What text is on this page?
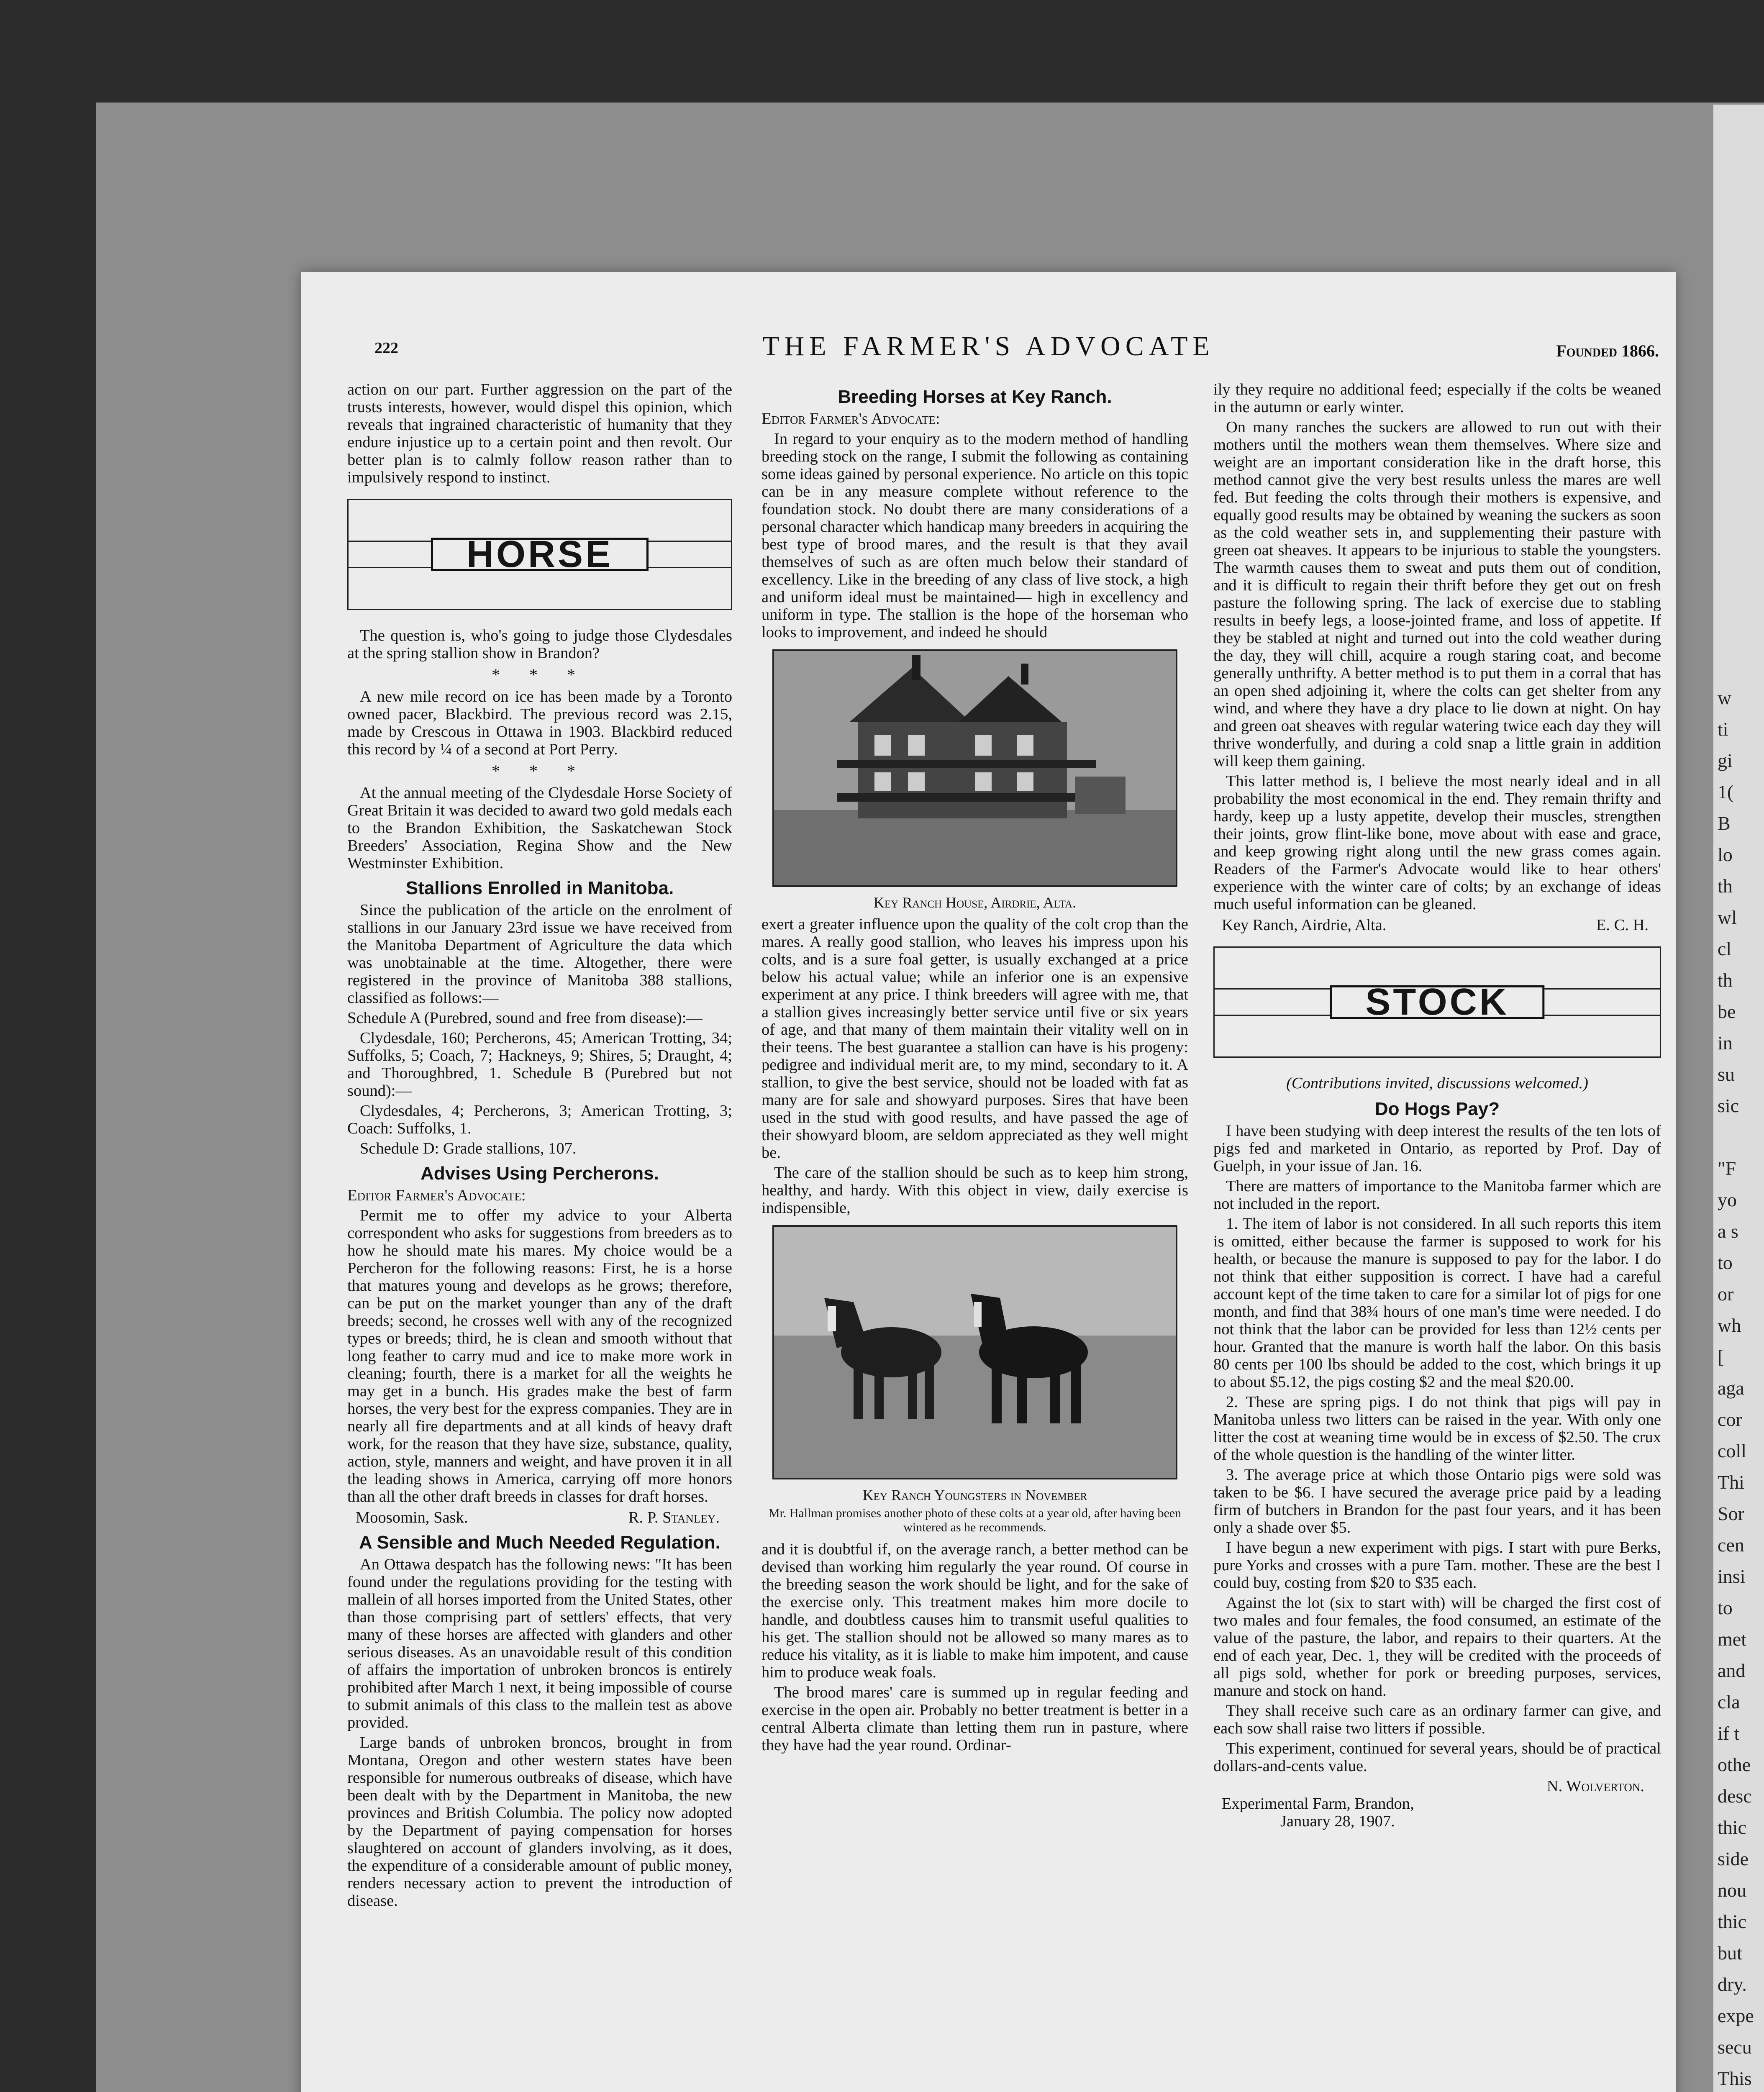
w
ti
gi
1(
B
lo
th
wl
cl
th
be
in
su
sic
"F
yo
a s
to
or
wh
[
aga
cor
coll
Thi
Sor
cen
insi
to
met
and
cla
if t
othe
desc
thic
side
nou
thic
but
dry.
expe
secu
This
222	THE FARMER'S ADVOCATE	Founded 1866.

action on our part. Further aggression on the part of the trusts interests, however, would dispel this opinion, which reveals that ingrained characteristic of humanity that they endure injustice up to a certain point and then revolt. Our better plan is to calmly follow reason rather than to impulsively respond to instinct.

HORSE

The question is, who's going to judge those Clydesdales at the spring stallion show in Brandon?

* * *

A new mile record on ice has been made by a Toronto owned pacer, Blackbird. The previous record was 2.15, made by Crescous in Ottawa in 1903. Blackbird reduced this record by ¼ of a second at Port Perry.

* * *

At the annual meeting of the Clydesdale Horse Society of Great Britain it was decided to award two gold medals each to the Brandon Exhibition, the Saskatchewan Stock Breeders' Association, Regina Show and the New Westminster Exhibition.

Stallions Enrolled in Manitoba.

Since the publication of the article on the enrolment of stallions in our January 23rd issue we have received from the Manitoba Department of Agriculture the data which was unobtainable at the time. Altogether, there were registered in the province of Manitoba 388 stallions, classified as follows:—

Schedule A (Purebred, sound and free from disease):—

Clydesdale, 160; Percherons, 45; American Trotting, 34; Suffolks, 5; Coach, 7; Hackneys, 9; Shires, 5; Draught, 4; and Thoroughbred, 1. Schedule B (Purebred but not sound):—

Clydesdales, 4; Percherons, 3; American Trotting, 3; Coach: Suffolks, 1.

Schedule D: Grade stallions, 107.

Advises Using Percherons.

Editor Farmer's Advocate:

Permit me to offer my advice to your Alberta correspondent who asks for suggestions from breeders as to how he should mate his mares. My choice would be a Percheron for the following reasons: First, he is a horse that matures young and develops as he grows; therefore, can be put on the market younger than any of the draft breeds; second, he crosses well with any of the recognized types or breeds; third, he is clean and smooth without that long feather to carry mud and ice to make more work in cleaning; fourth, there is a market for all the weights he may get in a bunch. His grades make the best of farm horses, the very best for the express companies. They are in nearly all fire departments and at all kinds of heavy draft work, for the reason that they have size, substance, quality, action, style, manners and weight, and have proven it in all the leading shows in America, carrying off more honors than all the other draft breeds in classes for draft horses.

Moosomin, Sask.	R. P. Stanley.
A Sensible and Much Needed Regulation.

An Ottawa despatch has the following news: "It has been found under the regulations providing for the testing with mallein of all horses imported from the United States, other than those comprising part of settlers' effects, that very many of these horses are affected with glanders and other serious diseases. As an unavoidable result of this condition of affairs the importation of unbroken broncos is entirely prohibited after March 1 next, it being impossible of course to submit animals of this class to the mallein test as above provided.

Large bands of unbroken broncos, brought in from Montana, Oregon and other western states have been responsible for numerous outbreaks of disease, which have been dealt with by the Department in Manitoba, the new provinces and British Columbia. The policy now adopted by the Department of paying compensation for horses slaughtered on account of glanders involving, as it does, the expenditure of a considerable amount of public money, renders necessary action to prevent the introduction of disease.

Breeding Horses at Key Ranch.

Editor Farmer's Advocate:

In regard to your enquiry as to the modern method of handling breeding stock on the range, I submit the following as containing some ideas gained by personal experience. No article on this topic can be in any measure complete without reference to the foundation stock. No doubt there are many considerations of a personal character which handicap many breeders in acquiring the best type of brood mares, and the result is that they avail themselves of such as are often much below their standard of excellency. Like in the breeding of any class of live stock, a high and uniform ideal must be maintained— high in excellency and uniform in type. The stallion is the hope of the horseman who looks to improvement, and indeed he should

Key Ranch House, Airdrie, Alta.

exert a greater influence upon the quality of the colt crop than the mares. A really good stallion, who leaves his impress upon his colts, and is a sure foal getter, is usually exchanged at a price below his actual value; while an inferior one is an expensive experiment at any price. I think breeders will agree with me, that a stallion gives increasingly better service until five or six years of age, and that many of them maintain their vitality well on in their teens. The best guarantee a stallion can have is his progeny: pedigree and individual merit are, to my mind, secondary to it. A stallion, to give the best service, should not be loaded with fat as many are for sale and showyard purposes. Sires that have been used in the stud with good results, and have passed the age of their showyard bloom, are seldom appreciated as they well might be.

The care of the stallion should be such as to keep him strong, healthy, and hardy. With this object in view, daily exercise is indispensible,

Key Ranch Youngsters in November
Mr. Hallman promises another photo of these colts at a year old, after having been wintered as he recommends.

and it is doubtful if, on the average ranch, a better method can be devised than working him regularly the year round. Of course in the breeding season the work should be light, and for the sake of the exercise only. This treatment makes him more docile to handle, and doubtless causes him to transmit useful qualities to his get. The stallion should not be allowed so many mares as to reduce his vitality, as it is liable to make him impotent, and cause him to produce weak foals.

The brood mares' care is summed up in regular feeding and exercise in the open air. Probably no better treatment is better in a central Alberta climate than letting them run in pasture, where they have had the year round. Ordinar-

ily they require no additional feed; especially if the colts be weaned in the autumn or early winter.

On many ranches the suckers are allowed to run out with their mothers until the mothers wean them themselves. Where size and weight are an important consideration like in the draft horse, this method cannot give the very best results unless the mares are well fed. But feeding the colts through their mothers is expensive, and equally good results may be obtained by weaning the suckers as soon as the cold weather sets in, and supplementing their pasture with green oat sheaves. It appears to be injurious to stable the youngsters. The warmth causes them to sweat and puts them out of condition, and it is difficult to regain their thrift before they get out on fresh pasture the following spring. The lack of exercise due to stabling results in beefy legs, a loose-jointed frame, and loss of appetite. If they be stabled at night and turned out into the cold weather during the day, they will chill, acquire a rough staring coat, and become generally unthrifty. A better method is to put them in a corral that has an open shed adjoining it, where the colts can get shelter from any wind, and where they have a dry place to lie down at night. On hay and green oat sheaves with regular watering twice each day they will thrive wonderfully, and during a cold snap a little grain in addition will keep them gaining.

This latter method is, I believe the most nearly ideal and in all probability the most economical in the end. They remain thrifty and hardy, keep up a lusty appetite, develop their muscles, strengthen their joints, grow flint-like bone, move about with ease and grace, and keep growing right along until the new grass comes again. Readers of the Farmer's Advocate would like to hear others' experience with the winter care of colts; by an exchange of ideas much useful information can be gleaned.

Key Ranch, Airdrie, Alta.	E. C. H.
STOCK
(Contributions invited, discussions welcomed.)
Do Hogs Pay?

I have been studying with deep interest the results of the ten lots of pigs fed and marketed in Ontario, as reported by Prof. Day of Guelph, in your issue of Jan. 16.

There are matters of importance to the Manitoba farmer which are not included in the report.

1. The item of labor is not considered. In all such reports this item is omitted, either because the farmer is supposed to work for his health, or because the manure is supposed to pay for the labor. I do not think that either supposition is correct. I have had a careful account kept of the time taken to care for a similar lot of pigs for one month, and find that 38¾ hours of one man's time were needed. I do not think that the labor can be provided for less than 12½ cents per hour. Granted that the manure is worth half the labor. On this basis 80 cents per 100 lbs should be added to the cost, which brings it up to about $5.12, the pigs costing $2 and the meal $20.00.

2. These are spring pigs. I do not think that pigs will pay in Manitoba unless two litters can be raised in the year. With only one litter the cost at weaning time would be in excess of $2.50. The crux of the whole question is the handling of the winter litter.

3. The average price at which those Ontario pigs were sold was taken to be $6. I have secured the average price paid by a leading firm of butchers in Brandon for the past four years, and it has been only a shade over $5.

I have begun a new experiment with pigs. I start with pure Berks, pure Yorks and crosses with a pure Tam. mother. These are the best I could buy, costing from $20 to $35 each.

Against the lot (six to start with) will be charged the first cost of two males and four females, the food consumed, an estimate of the value of the pasture, the labor, and repairs to their quarters. At the end of each year, Dec. 1, they will be credited with the proceeds of all pigs sold, whether for pork or breeding purposes, services, manure and stock on hand.

They shall receive such care as an ordinary farmer can give, and each sow shall raise two litters if possible.

This experiment, continued for several years, should be of practical dollars-and-cents value.

N. Wolverton.
Experimental Farm, Brandon,
January 28, 1907.
